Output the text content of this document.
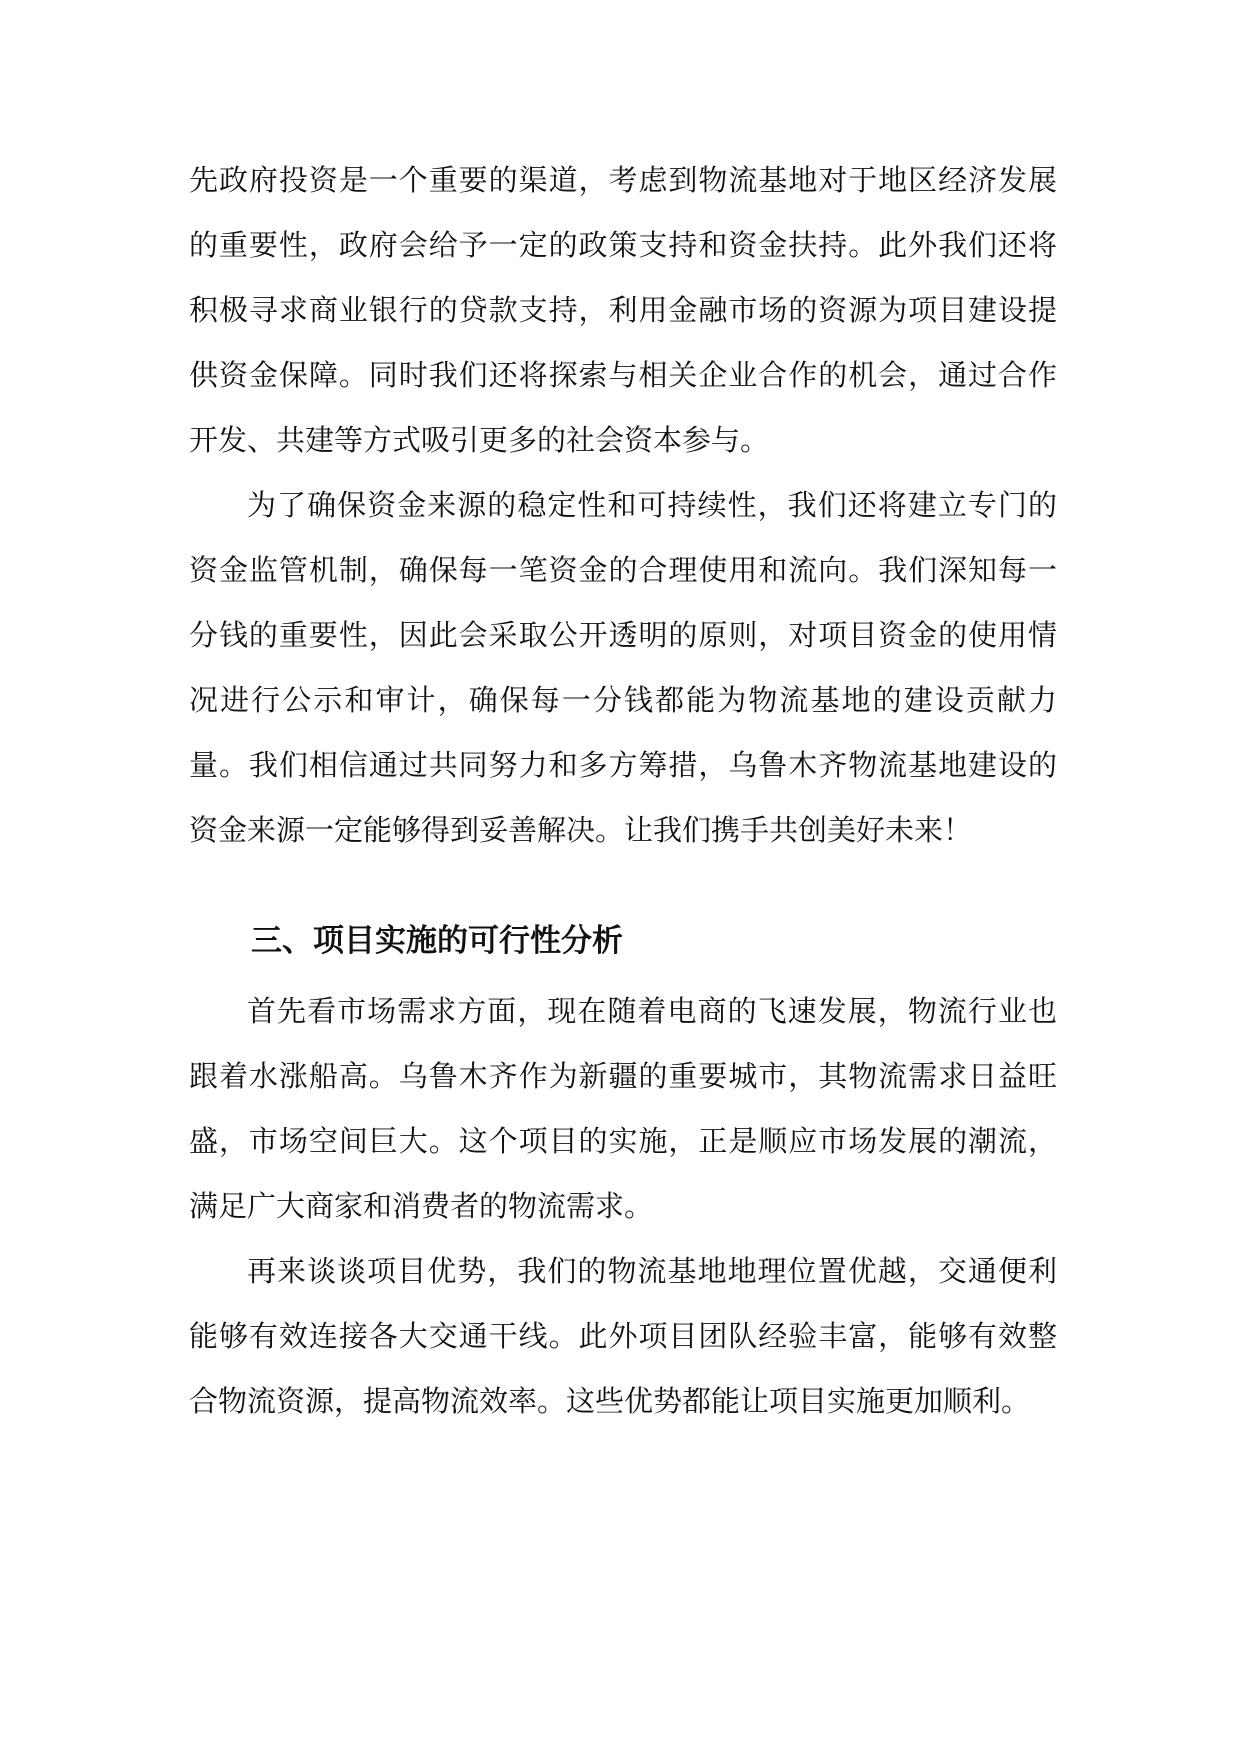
先政府投资是一个重要的渠道，考虑到物流基地对于地区经济发展的重要性，政府会给予一定的政策支持和资金扶持。此外我们还将积极寻求商业银行的贷款支持，利用金融市场的资源为项目建设提供资金保障。同时我们还将探索与相关企业合作的机会，通过合作开发、共建等方式吸引更多的社会资本参与。

为了确保资金来源的稳定性和可持续性，我们还将建立专门的资金监管机制，确保每一笔资金的合理使用和流向。我们深知每一分钱的重要性，因此会采取公开透明的原则，对项目资金的使用情况进行公示和审计，确保每一分钱都能为物流基地的建设贡献力量。我们相信通过共同努力和多方筹措，乌鲁木齐物流基地建设的资金来源一定能够得到妥善解决。让我们携手共创美好未来！

三、项目实施的可行性分析

首先看市场需求方面，现在随着电商的飞速发展，物流行业也跟着水涨船高。乌鲁木齐作为新疆的重要城市，其物流需求日益旺盛，市场空间巨大。这个项目的实施，正是顺应市场发展的潮流，满足广大商家和消费者的物流需求。

再来谈谈项目优势，我们的物流基地地理位置优越，交通便利能够有效连接各大交通干线。此外项目团队经验丰富，能够有效整合物流资源，提高物流效率。这些优势都能让项目实施更加顺利。
